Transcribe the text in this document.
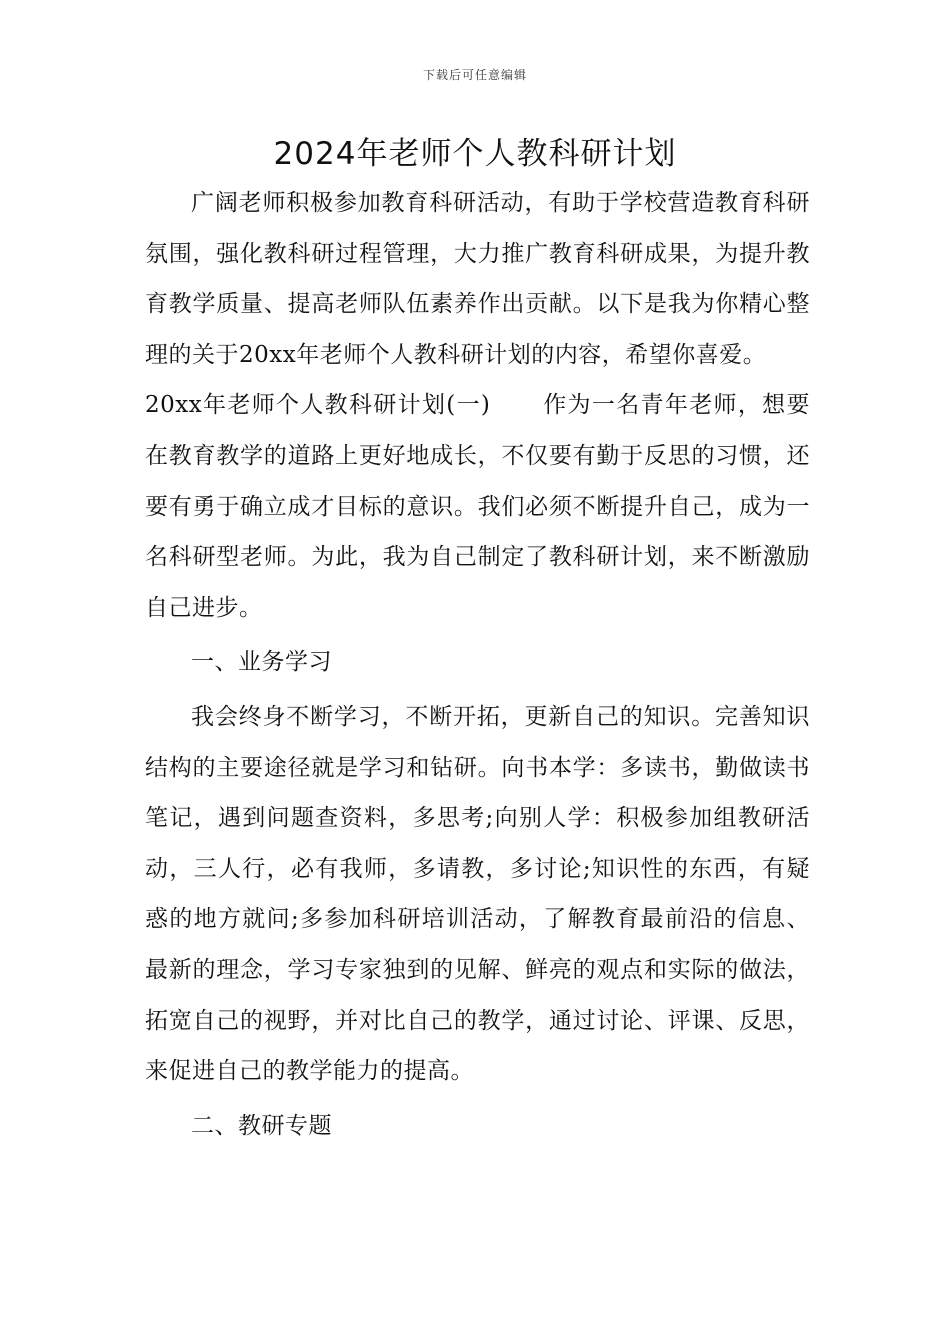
下载后可任意编辑
2024年老师个人教科研计划

广阔老师积极参加教育科研活动，有助于学校营造教育科研氛围，强化教科研过程管理，大力推广教育科研成果，为提升教育教学质量、提高老师队伍素养作出贡献。以下是我为你精心整理的关于20xx年老师个人教科研计划的内容，希望你喜爱。

20xx年老师个人教科研计划(一) 作为一名青年老师，想要在教育教学的道路上更好地成长，不仅要有勤于反思的习惯，还要有勇于确立成才目标的意识。我们必须不断提升自己，成为一名科研型老师。为此，我为自己制定了教科研计划，来不断激励自己进步。

一、业务学习

我会终身不断学习，不断开拓，更新自己的知识。完善知识结构的主要途径就是学习和钻研。向书本学：多读书，勤做读书笔记，遇到问题查资料，多思考;向别人学：积极参加组教研活动，三人行，必有我师，多请教，多讨论;知识性的东西，有疑惑的地方就问;多参加科研培训活动，了解教育最前沿的信息、最新的理念，学习专家独到的见解、鲜亮的观点和实际的做法，拓宽自己的视野，并对比自己的教学，通过讨论、评课、反思，来促进自己的教学能力的提高。

二、教研专题
